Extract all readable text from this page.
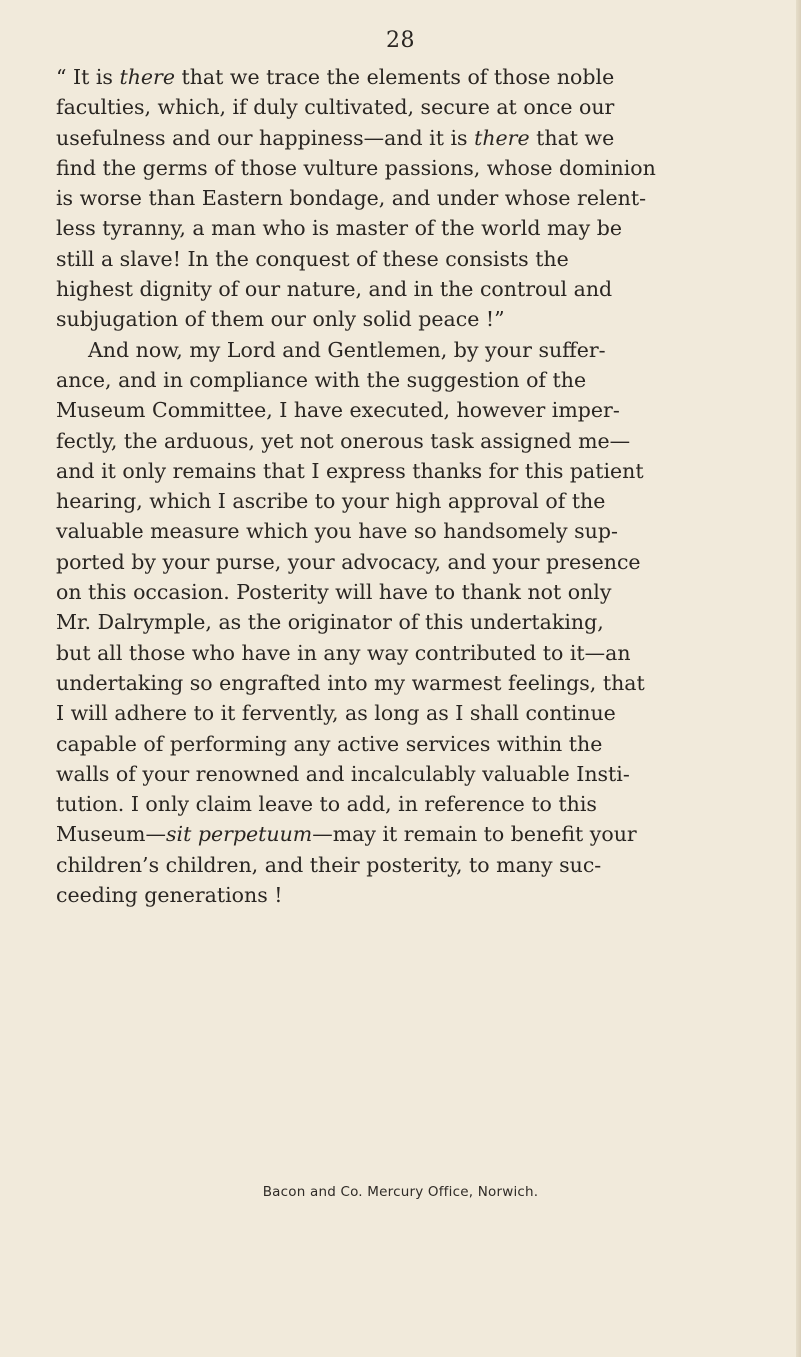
28
“ It is there that we trace the elements of those noble
faculties, which, if duly cultivated, secure at once our
usefulness and our happiness—and it is there that we
find the germs of those vulture passions, whose dominion
is worse than Eastern bondage, and under whose relent-
less tyranny, a man who is master of the world may be
still a slave! In the conquest of these consists the
highest dignity of our nature, and in the controul and
subjugation of them our only solid peace !”
And now, my Lord and Gentlemen, by your suffer-
ance, and in compliance with the suggestion of the
Museum Committee, I have executed, however imper-
fectly, the arduous, yet not onerous task assigned me—
and it only remains that I express thanks for this patient
hearing, which I ascribe to your high approval of the
valuable measure which you have so handsomely sup-
ported by your purse, your advocacy, and your presence
on this occasion. Posterity will have to thank not only
Mr. Dalrymple, as the originator of this undertaking,
but all those who have in any way contributed to it—an
undertaking so engrafted into my warmest feelings, that
I will adhere to it fervently, as long as I shall continue
capable of performing any active services within the
walls of your renowned and incalculably valuable Insti-
tution. I only claim leave to add, in reference to this
Museum—sit perpetuum—may it remain to benefit your
children’s children, and their posterity, to many suc-
ceeding generations !
Bacon and Co. Mercury Office, Norwich.
